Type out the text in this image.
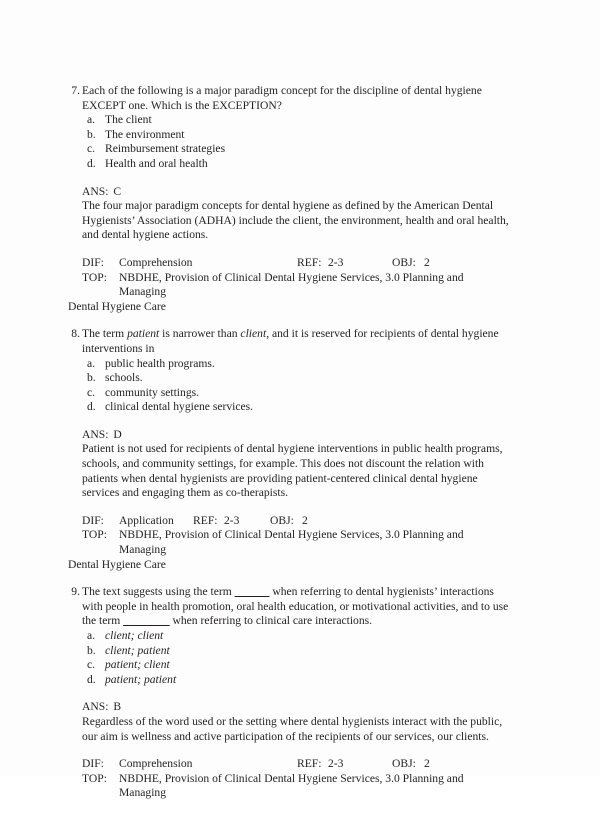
7. Each of the following is a major paradigm concept for the discipline of dental hygiene EXCEPT one. Which is the EXCEPTION?
a. The client
b. The environment
c. Reimbursement strategies
d. Health and oral health
ANS: C
The four major paradigm concepts for dental hygiene as defined by the American Dental Hygienists’ Association (ADHA) include the client, the environment, health and oral health, and dental hygiene actions.
DIF: Comprehension	REF: 2-3	OBJ: 2
TOP:	NBDHE, Provision of Clinical Dental Hygiene Services, 3.0 Planning and Managing
Dental Hygiene Care
8. The term patient is narrower than client, and it is reserved for recipients of dental hygiene interventions in
a. public health programs.
b. schools.
c. community settings.
d. clinical dental hygiene services.
ANS: D
Patient is not used for recipients of dental hygiene interventions in public health programs, schools, and community settings, for example. This does not discount the relation with patients when dental hygienists are providing patient-centered clinical dental hygiene services and engaging them as co-therapists.
DIF: Application REF: 2-3	OBJ: 2
TOP:	NBDHE, Provision of Clinical Dental Hygiene Services, 3.0 Planning and Managing
Dental Hygiene Care
9. The text suggests using the term ______ when referring to dental hygienists’ interactions with people in health promotion, oral health education, or motivational activities, and to use the term ________ when referring to clinical care interactions.
a. client; client
b. client; patient
c. patient; client
d. patient; patient
ANS: B
Regardless of the word used or the setting where dental hygienists interact with the public, our aim is wellness and active participation of the recipients of our services, our clients.
DIF: Comprehension	REF: 2-3	OBJ: 2
TOP:	NBDHE, Provision of Clinical Dental Hygiene Services, 3.0 Planning and Managing
